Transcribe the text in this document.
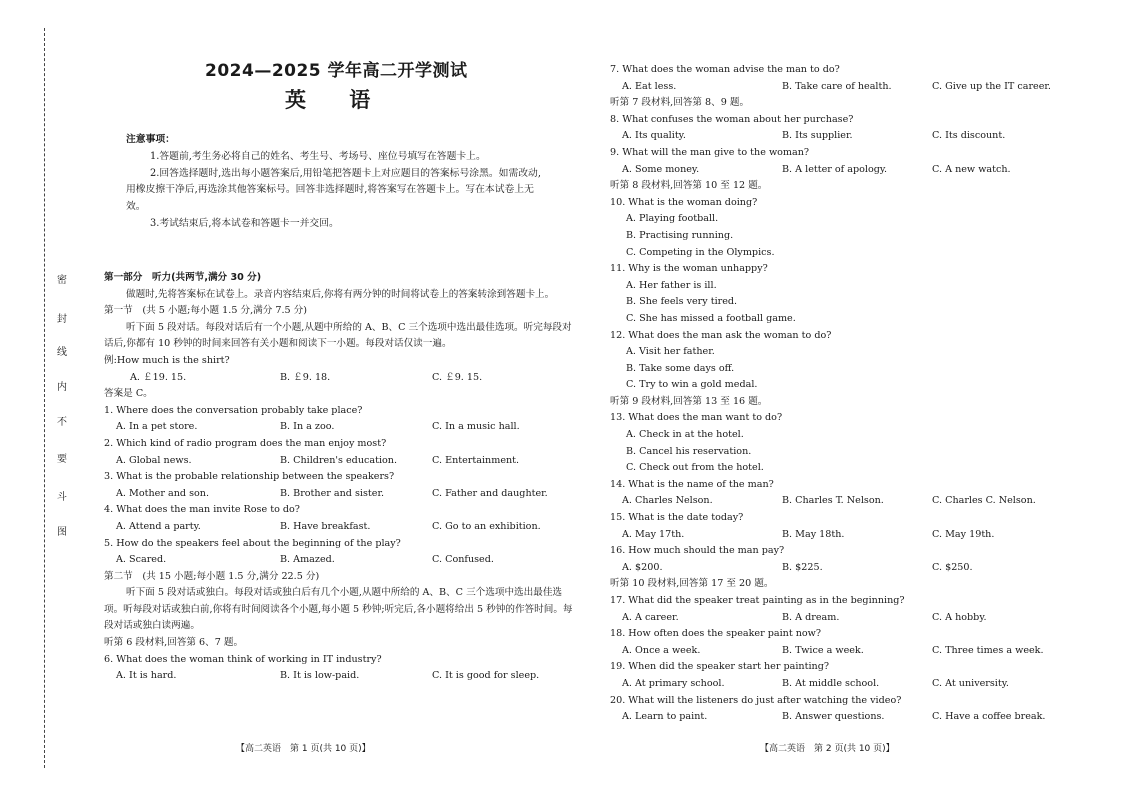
密
封
线
内
不
要
斗
图
2024—2025 学年高二开学测试
英 语
注意事项：

1.答题前,考生务必将自己的姓名、考生号、考场号、座位号填写在答题卡上。

2.回答选择题时,选出每小题答案后,用铅笔把答题卡上对应题目的答案标号涂黑。如需改动,用橡皮擦干净后,再选涂其他答案标号。回答非选择题时,将答案写在答题卡上。写在本试卷上无效。

3.考试结束后,将本试卷和答题卡一并交回。

第一部分　听力(共两节,满分 30 分)
做题时,先将答案标在试卷上。录音内容结束后,你将有两分钟的时间将试卷上的答案转涂到答题卡上。
第一节　(共 5 小题;每小题 1.5 分,满分 7.5 分)
听下面 5 段对话。每段对话后有一个小题,从题中所给的 A、B、C 三个选项中选出最佳选项。听完每段对话后,你都有 10 秒钟的时间来回答有关小题和阅读下一小题。每段对话仅读一遍。
例:How much is the shirt?
A. ￡19. 15.	B. ￡9. 18.	C. ￡9. 15.
答案是 C。
1. Where does the conversation probably take place?
A. In a pet store.	B. In a zoo.	C. In a music hall.
2. Which kind of radio program does the man enjoy most?
A. Global news.	B. Children's education.	C. Entertainment.
3. What is the probable relationship between the speakers?
A. Mother and son.	B. Brother and sister.	C. Father and daughter.
4. What does the man invite Rose to do?
A. Attend a party.	B. Have breakfast.	C. Go to an exhibition.
5. How do the speakers feel about the beginning of the play?
A. Scared.	B. Amazed.	C. Confused.
第二节　(共 15 小题;每小题 1.5 分,满分 22.5 分)
听下面 5 段对话或独白。每段对话或独白后有几个小题,从题中所给的 A、B、C 三个选项中选出最佳选项。听每段对话或独白前,你将有时间阅读各个小题,每小题 5 秒钟;听完后,各小题将给出 5 秒钟的作答时间。每段对话或独白读两遍。
听第 6 段材料,回答第 6、7 题。
6. What does the woman think of working in IT industry?
A. It is hard.	B. It is low-paid.	C. It is good for sleep.
7. What does the woman advise the man to do?
A. Eat less.	B. Take care of health.	C. Give up the IT career.
听第 7 段材料,回答第 8、9 题。
8. What confuses the woman about her purchase?
A. Its quality.	B. Its supplier.	C. Its discount.
9. What will the man give to the woman?
A. Some money.	B. A letter of apology.	C. A new watch.
听第 8 段材料,回答第 10 至 12 题。
10. What is the woman doing?
A. Playing football.
B. Practising running.
C. Competing in the Olympics.
11. Why is the woman unhappy?
A. Her father is ill.
B. She feels very tired.
C. She has missed a football game.
12. What does the man ask the woman to do?
A. Visit her father.
B. Take some days off.
C. Try to win a gold medal.
听第 9 段材料,回答第 13 至 16 题。
13. What does the man want to do?
A. Check in at the hotel.
B. Cancel his reservation.
C. Check out from the hotel.
14. What is the name of the man?
A. Charles Nelson.	B. Charles T. Nelson.	C. Charles C. Nelson.
15. What is the date today?
A. May 17th.	B. May 18th.	C. May 19th.
16. How much should the man pay?
A. $200.	B. $225.	C. $250.
听第 10 段材料,回答第 17 至 20 题。
17. What did the speaker treat painting as in the beginning?
A. A career.	B. A dream.	C. A hobby.
18. How often does the speaker paint now?
A. Once a week.	B. Twice a week.	C. Three times a week.
19. When did the speaker start her painting?
A. At primary school.	B. At middle school.	C. At university.
20. What will the listeners do just after watching the video?
A. Learn to paint.	B. Answer questions.	C. Have a coffee break.
【高二英语　第 1 页(共 10 页)】	【高二英语　第 2 页(共 10 页)】
